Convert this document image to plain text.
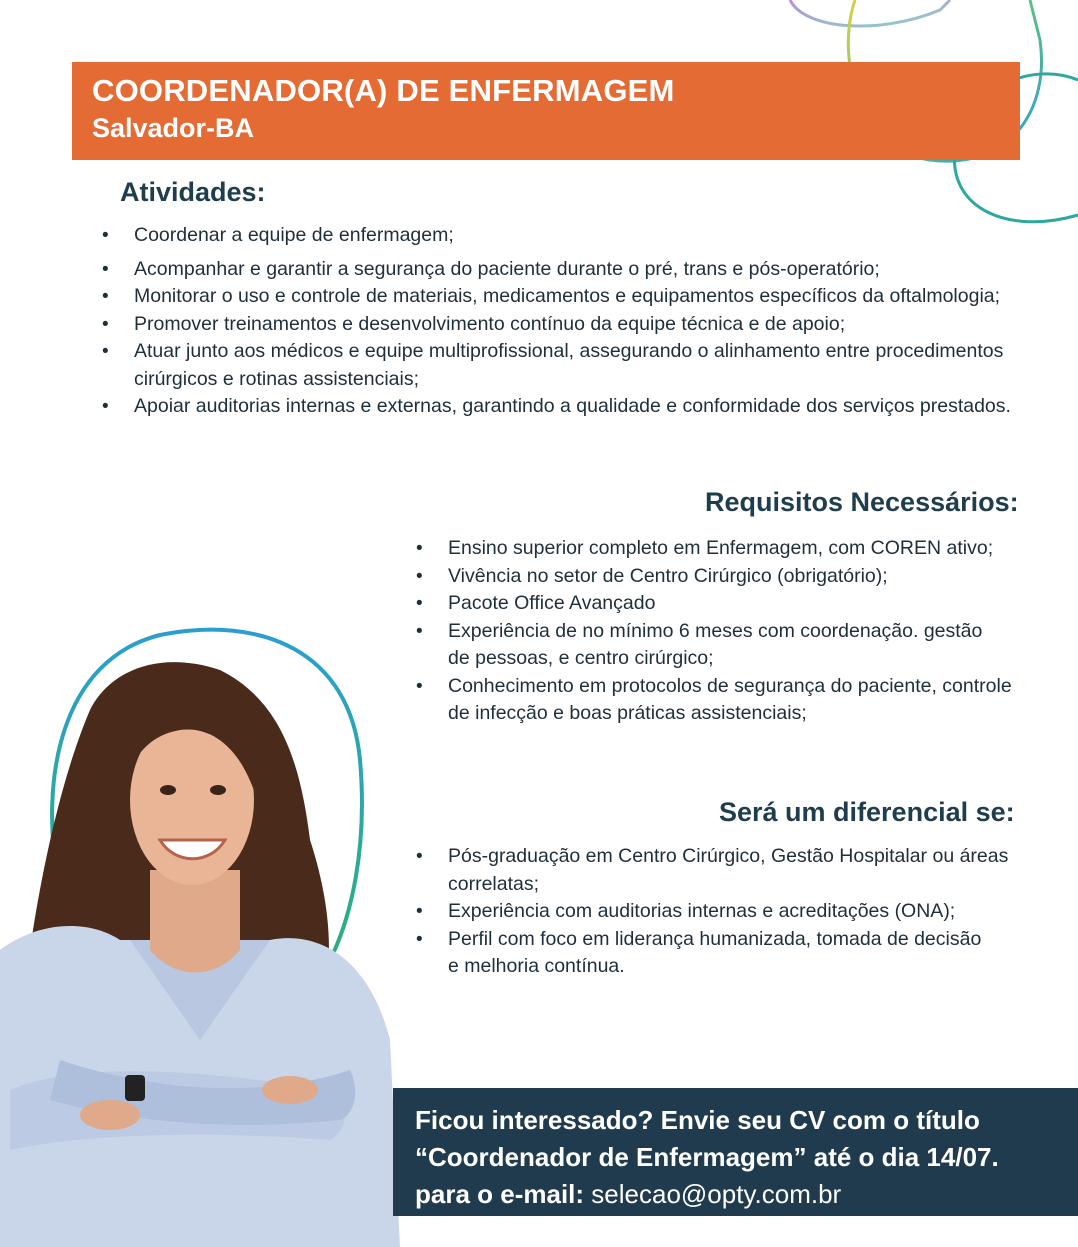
COORDENADOR(A) DE ENFERMAGEM
Salvador-BA
Atividades:
• Coordenar a equipe de enfermagem;
• Acompanhar e garantir a segurança do paciente durante o pré, trans e pós-operatório;
• Monitorar o uso e controle de materiais, medicamentos e equipamentos específicos da oftalmologia;
• Promover treinamentos e desenvolvimento contínuo da equipe técnica e de apoio;
• Atuar junto aos médicos e equipe multiprofissional, assegurando o alinhamento entre procedimentos cirúrgicos e rotinas assistenciais;
• Apoiar auditorias internas e externas, garantindo a qualidade e conformidade dos serviços prestados.
Requisitos Necessários:
• Ensino superior completo em Enfermagem, com COREN ativo;
• Vivência no setor de Centro Cirúrgico (obrigatório);
• Pacote Office Avançado
• Experiência de no mínimo 6 meses com coordenação. gestão de pessoas, e centro cirúrgico;
• Conhecimento em protocolos de segurança do paciente, controle de infecção e boas práticas assistenciais;
Será um diferencial se:
• Pós-graduação em Centro Cirúrgico, Gestão Hospitalar ou áreas correlatas;
• Experiência com auditorias internas e acreditações (ONA);
• Perfil com foco em liderança humanizada, tomada de decisão e melhoria contínua.
Ficou interessado? Envie seu CV com o título
“Coordenador de Enfermagem” até o dia 14/07.
para o e-mail: selecao@opty.com.br
